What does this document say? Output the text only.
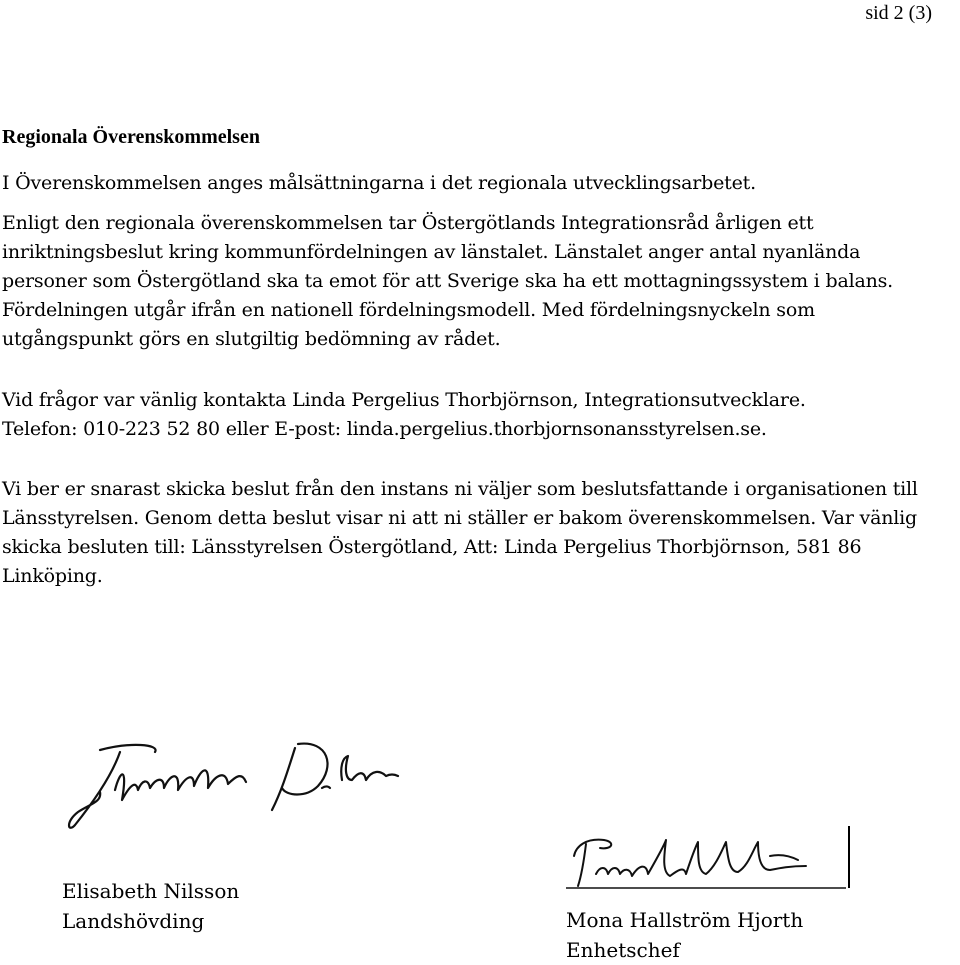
sid 2 (3)
Regionala Överenskommelsen

I Överenskommelsen anges målsättningarna i det regionala utvecklingsarbetet.

Enligt den regionala överenskommelsen tar Östergötlands Integrationsråd årligen ett inriktningsbeslut kring kommunfördelningen av länstalet. Länstalet anger antal nyanlända personer som Östergötland ska ta emot för att Sverige ska ha ett mottagningssystem i balans. Fördelningen utgår ifrån en nationell fördelningsmodell. Med fördelningsnyckeln som utgångspunkt görs en slutgiltig bedömning av rådet.

Vid frågor var vänlig kontakta Linda Pergelius Thorbjörnson, Integrationsutvecklare.
Telefon: 010-223 52 80 eller E-post: linda.pergelius.thorbjornsonansstyrelsen.se.

Vi ber er snarast skicka beslut från den instans ni väljer som beslutsfattande i organisationen till Länsstyrelsen. Genom detta beslut visar ni att ni ställer er bakom överenskommelsen. Var vänlig skicka besluten till: Länsstyrelsen Östergötland, Att: Linda Pergelius Thorbjörnson, 581 86 Linköping.

Elisabeth Nilsson
Landshövding	Mona Hallström Hjorth
Enhetschef
